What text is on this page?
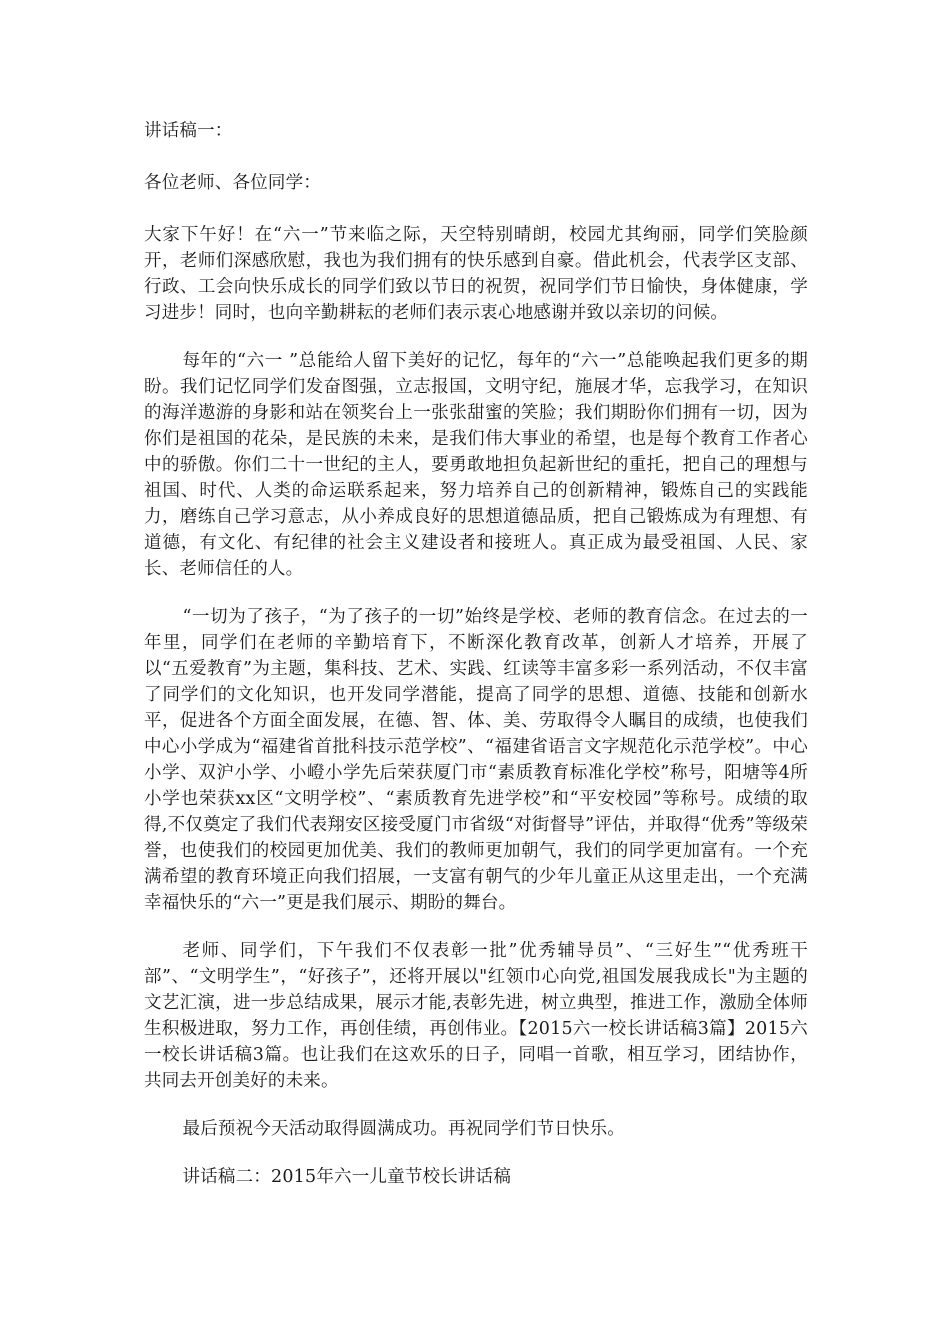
讲话稿一：

各位老师、各位同学：

大家下午好！在“六一”节来临之际，天空特别晴朗，校园尤其绚丽，同学们笑脸颜开，老师们深感欣慰，我也为我们拥有的快乐感到自豪。借此机会，代表学区支部、行政、工会向快乐成长的同学们致以节日的祝贺，祝同学们节日愉快，身体健康，学习进步！同时，也向辛勤耕耘的老师们表示衷心地感谢并致以亲切的问候。

每年的“六一 ”总能给人留下美好的记忆，每年的“六一”总能唤起我们更多的期盼。我们记忆同学们发奋图强，立志报国，文明守纪，施展才华，忘我学习，在知识的海洋遨游的身影和站在领奖台上一张张甜蜜的笑脸；我们期盼你们拥有一切，因为你们是祖国的花朵，是民族的未来，是我们伟大事业的希望，也是每个教育工作者心中的骄傲。你们二十一世纪的主人，要勇敢地担负起新世纪的重托，把自己的理想与祖国、时代、人类的命运联系起来，努力培养自己的创新精神，锻炼自己的实践能力，磨练自己学习意志，从小养成良好的思想道德品质，把自己锻炼成为有理想、有道德，有文化、有纪律的社会主义建设者和接班人。真正成为最受祖国、人民、家长、老师信任的人。

“一切为了孩子，“为了孩子的一切”始终是学校、老师的教育信念。在过去的一年里，同学们在老师的辛勤培育下，不断深化教育改革，创新人才培养，开展了以“五爱教育”为主题，集科技、艺术、实践、红读等丰富多彩一系列活动，不仅丰富了同学们的文化知识，也开发同学潜能，提高了同学的思想、道德、技能和创新水平，促进各个方面全面发展，在德、智、体、美、劳取得令人瞩目的成绩，也使我们中心小学成为“福建省首批科技示范学校”、“福建省语言文字规范化示范学校”。中心小学、双沪小学、小嶝小学先后荣获厦门市“素质教育标准化学校”称号，阳塘等4所小学也荣获xx区“文明学校”、“素质教育先进学校”和“平安校园”等称号。成绩的取得,不仅奠定了我们代表翔安区接受厦门市省级“对街督导”评估，并取得“优秀”等级荣誉，也使我们的校园更加优美、我们的教师更加朝气，我们的同学更加富有。一个充满希望的教育环境正向我们招展，一支富有朝气的少年儿童正从这里走出，一个充满幸福快乐的“六一”更是我们展示、期盼的舞台。

老师、同学们，下午我们不仅表彰一批”优秀辅导员”、“三好生”“优秀班干部”、“文明学生”，“好孩子”，还将开展以"红领巾心向党,祖国发展我成长"为主题的文艺汇演，进一步总结成果，展示才能,表彰先进，树立典型，推进工作，激励全体师生积极进取，努力工作，再创佳绩，再创伟业。【2015六一校长讲话稿3篇】2015六一校长讲话稿3篇。也让我们在这欢乐的日子，同唱一首歌，相互学习，团结协作，共同去开创美好的未来。

最后预祝今天活动取得圆满成功。再祝同学们节日快乐。

讲话稿二：2015年六一儿童节校长讲话稿
